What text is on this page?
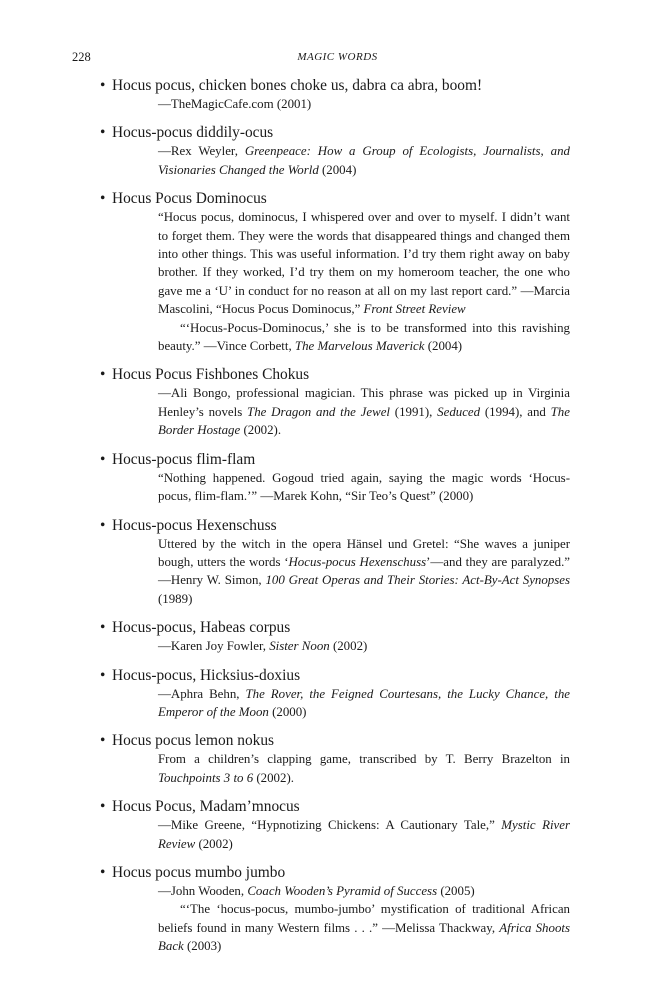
228	MAGIC WORDS
• Hocus pocus, chicken bones choke us, dabra ca abra, boom!
—TheMagicCafe.com (2001)
• Hocus-pocus diddily-ocus
—Rex Weyler, Greenpeace: How a Group of Ecologists, Journalists, and Visionaries Changed the World (2004)
• Hocus Pocus Dominocus
“Hocus pocus, dominocus, I whispered over and over to myself. I didn’t want to forget them. They were the words that disappeared things and changed them into other things. This was useful information. I’d try them right away on baby brother. If they worked, I’d try them on my homeroom teacher, the one who gave me a ‘U’ in conduct for no reason at all on my last report card.” —Marcia Mascolini, “Hocus Pocus Dominocus,” Front Street Review
“‘Hocus-Pocus-Dominocus,’ she is to be transformed into this ravishing beauty.” —Vince Corbett, The Marvelous Maverick (2004)
• Hocus Pocus Fishbones Chokus
—Ali Bongo, professional magician. This phrase was picked up in Virginia Henley’s novels The Dragon and the Jewel (1991), Seduced (1994), and The Border Hostage (2002).
• Hocus-pocus flim-flam
“Nothing happened. Gogoud tried again, saying the magic words ‘Hocus-pocus, flim-flam.’” —Marek Kohn, “Sir Teo’s Quest” (2000)
• Hocus-pocus Hexenschuss
Uttered by the witch in the opera Hänsel und Gretel: “She waves a juniper bough, utters the words ‘Hocus-pocus Hexenschuss’—and they are paralyzed.” —Henry W. Simon, 100 Great Operas and Their Stories: Act-By-Act Synopses (1989)
• Hocus-pocus, Habeas corpus
—Karen Joy Fowler, Sister Noon (2002)
• Hocus-pocus, Hicksius-doxius
—Aphra Behn, The Rover, the Feigned Courtesans, the Lucky Chance, the Emperor of the Moon (2000)
• Hocus pocus lemon nokus
From a children’s clapping game, transcribed by T. Berry Brazelton in Touchpoints 3 to 6 (2002).
• Hocus Pocus, Madam’mnocus
—Mike Greene, “Hypnotizing Chickens: A Cautionary Tale,” Mystic River Review (2002)
• Hocus pocus mumbo jumbo
—John Wooden, Coach Wooden’s Pyramid of Success (2005)
“‘The ‘hocus-pocus, mumbo-jumbo’ mystification of traditional African beliefs found in many Western films . . .” —Melissa Thackway, Africa Shoots Back (2003)
